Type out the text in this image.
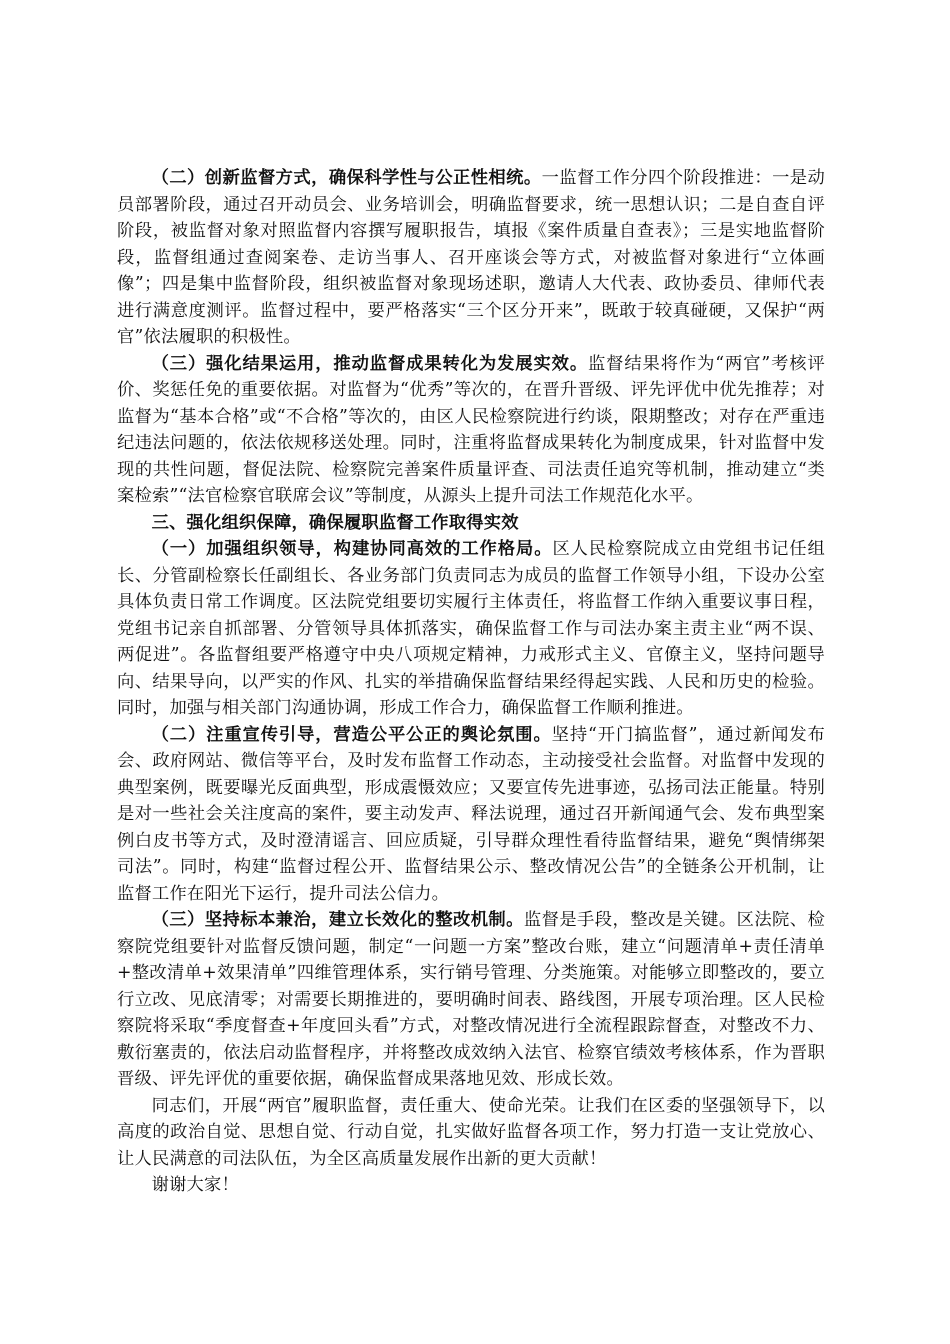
（二）创新监督方式，确保科学性与公正性相统。一监督工作分四个阶段推进：一是动员部署阶段，通过召开动员会、业务培训会，明确监督要求，统一思想认识；二是自查自评阶段，被监督对象对照监督内容撰写履职报告，填报《案件质量自查表》；三是实地监督阶段，监督组通过查阅案卷、走访当事人、召开座谈会等方式，对被监督对象进行“立体画像”；四是集中监督阶段，组织被监督对象现场述职，邀请人大代表、政协委员、律师代表进行满意度测评。监督过程中，要严格落实“三个区分开来”，既敢于较真碰硬，又保护“两官”依法履职的积极性。

（三）强化结果运用，推动监督成果转化为发展实效。监督结果将作为“两官”考核评价、奖惩任免的重要依据。对监督为“优秀”等次的，在晋升晋级、评先评优中优先推荐；对监督为“基本合格”或“不合格”等次的，由区人民检察院进行约谈，限期整改；对存在严重违纪违法问题的，依法依规移送处理。同时，注重将监督成果转化为制度成果，针对监督中发现的共性问题，督促法院、检察院完善案件质量评查、司法责任追究等机制，推动建立“类案检索”“法官检察官联席会议”等制度，从源头上提升司法工作规范化水平。

三、强化组织保障，确保履职监督工作取得实效

（一）加强组织领导，构建协同高效的工作格局。区人民检察院成立由党组书记任组长、分管副检察长任副组长、各业务部门负责同志为成员的监督工作领导小组，下设办公室具体负责日常工作调度。区法院党组要切实履行主体责任，将监督工作纳入重要议事日程，党组书记亲自抓部署、分管领导具体抓落实，确保监督工作与司法办案主责主业“两不误、两促进”。各监督组要严格遵守中央八项规定精神，力戒形式主义、官僚主义，坚持问题导向、结果导向，以严实的作风、扎实的举措确保监督结果经得起实践、人民和历史的检验。同时，加强与相关部门沟通协调，形成工作合力，确保监督工作顺利推进。

（二）注重宣传引导，营造公平公正的舆论氛围。坚持“开门搞监督”，通过新闻发布会、政府网站、微信等平台，及时发布监督工作动态，主动接受社会监督。对监督中发现的典型案例，既要曝光反面典型，形成震慑效应；又要宣传先进事迹，弘扬司法正能量。特别是对一些社会关注度高的案件，要主动发声、释法说理，通过召开新闻通气会、发布典型案例白皮书等方式，及时澄清谣言、回应质疑，引导群众理性看待监督结果，避免“舆情绑架司法”。同时，构建“监督过程公开、监督结果公示、整改情况公告”的全链条公开机制，让监督工作在阳光下运行，提升司法公信力。

（三）坚持标本兼治，建立长效化的整改机制。监督是手段，整改是关键。区法院、检察院党组要针对监督反馈问题，制定“一问题一方案”整改台账，建立“问题清单+责任清单+整改清单+效果清单”四维管理体系，实行销号管理、分类施策。对能够立即整改的，要立行立改、见底清零；对需要长期推进的，要明确时间表、路线图，开展专项治理。区人民检察院将采取“季度督查+年度回头看”方式，对整改情况进行全流程跟踪督查，对整改不力、敷衍塞责的，依法启动监督程序，并将整改成效纳入法官、检察官绩效考核体系，作为晋职晋级、评先评优的重要依据，确保监督成果落地见效、形成长效。

同志们，开展“两官”履职监督，责任重大、使命光荣。让我们在区委的坚强领导下，以高度的政治自觉、思想自觉、行动自觉，扎实做好监督各项工作，努力打造一支让党放心、让人民满意的司法队伍，为全区高质量发展作出新的更大贡献！

谢谢大家！
